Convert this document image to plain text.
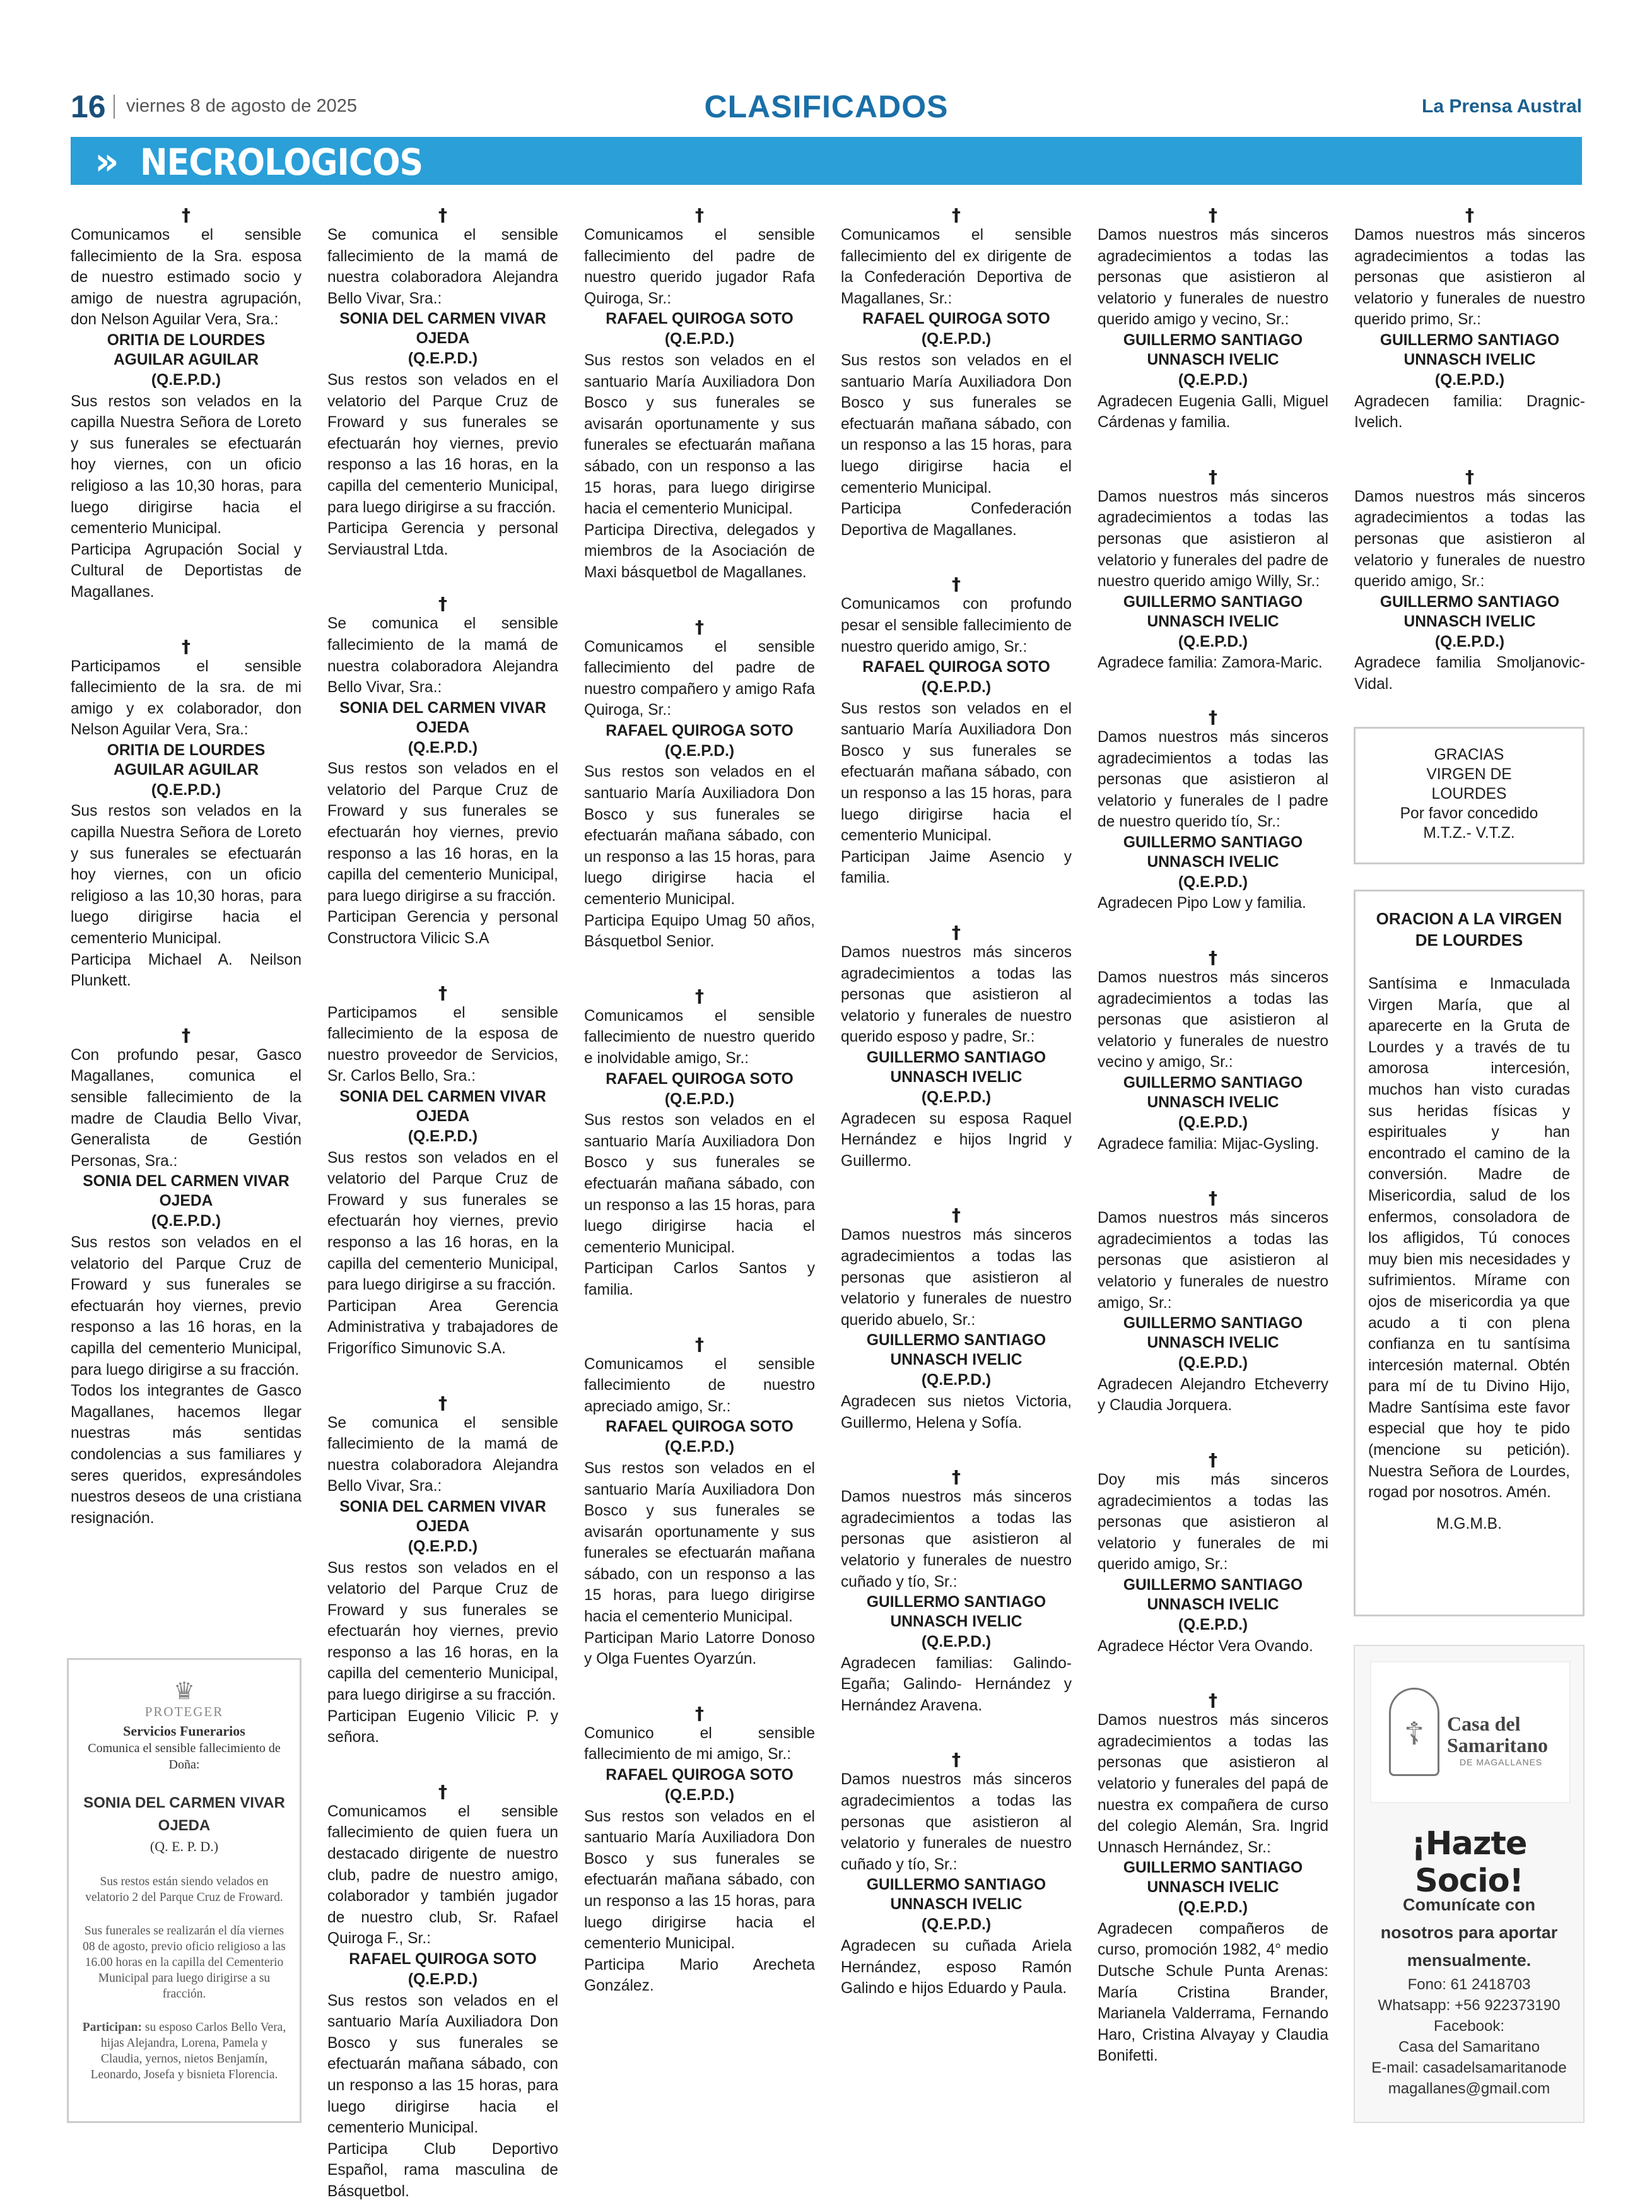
16 viernes 8 de agosto de 2025	CLASIFICADOS	La Prensa Austral
» NECROLOGICOS
†
Comunicamos el sensible fallecimiento de la Sra. esposa de nuestro estimado socio y amigo de nuestra agrupación, don Nelson Aguilar Vera, Sra.:
ORITIA DE LOURDES AGUILAR AGUILAR
(Q.E.P.D.)
Sus restos son velados en la capilla Nuestra Señora de Loreto y sus funerales se efectuarán hoy viernes, con un oficio religioso a las 10,30 horas, para luego dirigirse hacia el cementerio Municipal.
Participa Agrupación Social y Cultural de Deportistas de Magallanes.
†
Participamos el sensible fallecimiento de la sra. de mi amigo y ex colaborador, don Nelson Aguilar Vera, Sra.:
ORITIA DE LOURDES AGUILAR AGUILAR
(Q.E.P.D.)
Sus restos son velados en la capilla Nuestra Señora de Loreto y sus funerales se efectuarán hoy viernes, con un oficio religioso a las 10,30 horas, para luego dirigirse hacia el cementerio Municipal.
Participa Michael A. Neilson Plunkett.
†
Con profundo pesar, Gasco Magallanes, comunica el sensible fallecimiento de la madre de Claudia Bello Vivar, Generalista de Gestión Personas, Sra.:
SONIA DEL CARMEN VIVAR OJEDA
(Q.E.P.D.)
Sus restos son velados en el velatorio del Parque Cruz de Froward y sus funerales se efectuarán hoy viernes, previo responso a las 16 horas, en la capilla del cementerio Municipal, para luego dirigirse a su fracción.
Todos los integrantes de Gasco Magallanes, hacemos llegar nuestras más sentidas condolencias a sus familiares y seres queridos, expresándoles nuestros deseos de una cristiana resignación.
†
Se comunica el sensible fallecimiento de la mamá de nuestra colaboradora Alejandra Bello Vivar, Sra.:
SONIA DEL CARMEN VIVAR OJEDA
(Q.E.P.D.)
Sus restos son velados en el velatorio del Parque Cruz de Froward y sus funerales se efectuarán hoy viernes, previo responso a las 16 horas, en la capilla del cementerio Municipal, para luego dirigirse a su fracción.
Participa Gerencia y personal Serviaustral Ltda.
†
Se comunica el sensible fallecimiento de la mamá de nuestra colaboradora Alejandra Bello Vivar, Sra.:
SONIA DEL CARMEN VIVAR OJEDA
(Q.E.P.D.)
Sus restos son velados en el velatorio del Parque Cruz de Froward y sus funerales se efectuarán hoy viernes, previo responso a las 16 horas, en la capilla del cementerio Municipal, para luego dirigirse a su fracción.
Participan Gerencia y personal Constructora Vilicic S.A
†
Participamos el sensible fallecimiento de la esposa de nuestro proveedor de Servicios, Sr. Carlos Bello, Sra.:
SONIA DEL CARMEN VIVAR OJEDA
(Q.E.P.D.)
Sus restos son velados en el velatorio del Parque Cruz de Froward y sus funerales se efectuarán hoy viernes, previo responso a las 16 horas, en la capilla del cementerio Municipal, para luego dirigirse a su fracción.
Participan Area Gerencia Administrativa y trabajadores de Frigorífico Simunovic S.A.
†
Se comunica el sensible fallecimiento de la mamá de nuestra colaboradora Alejandra Bello Vivar, Sra.:
SONIA DEL CARMEN VIVAR OJEDA
(Q.E.P.D.)
Sus restos son velados en el velatorio del Parque Cruz de Froward y sus funerales se efectuarán hoy viernes, previo responso a las 16 horas, en la capilla del cementerio Municipal, para luego dirigirse a su fracción.
Participan Eugenio Vilicic P. y señora.
†
Comunicamos el sensible fallecimiento de quien fuera un destacado dirigente de nuestro club, padre de nuestro amigo, colaborador y también jugador de nuestro club, Sr. Rafael Quiroga F., Sr.:
RAFAEL QUIROGA SOTO
(Q.E.P.D.)
Sus restos son velados en el santuario María Auxiliadora Don Bosco y sus funerales se efectuarán mañana sábado, con un responso a las 15 horas, para luego dirigirse hacia el cementerio Municipal.
Participa Club Deportivo Español, rama masculina de Básquetbol.
†
Comunicamos el sensible fallecimiento del padre de nuestro querido jugador Rafa Quiroga, Sr.:
RAFAEL QUIROGA SOTO
(Q.E.P.D.)
Sus restos son velados en el santuario María Auxiliadora Don Bosco y sus funerales se avisarán oportunamente y sus funerales se efectuarán mañana sábado, con un responso a las 15 horas, para luego dirigirse hacia el cementerio Municipal.
Participa Directiva, delegados y miembros de la Asociación de Maxi básquetbol de Magallanes.
†
Comunicamos el sensible fallecimiento del padre de nuestro compañero y amigo Rafa Quiroga, Sr.:
RAFAEL QUIROGA SOTO
(Q.E.P.D.)
Sus restos son velados en el santuario María Auxiliadora Don Bosco y sus funerales se efectuarán mañana sábado, con un responso a las 15 horas, para luego dirigirse hacia el cementerio Municipal.
Participa Equipo Umag 50 años, Básquetbol Senior.
†
Comunicamos el sensible fallecimiento de nuestro querido e inolvidable amigo, Sr.:
RAFAEL QUIROGA SOTO
(Q.E.P.D.)
Sus restos son velados en el santuario María Auxiliadora Don Bosco y sus funerales se efectuarán mañana sábado, con un responso a las 15 horas, para luego dirigirse hacia el cementerio Municipal.
Participan Carlos Santos y familia.
†
Comunicamos el sensible fallecimiento de nuestro apreciado amigo, Sr.:
RAFAEL QUIROGA SOTO
(Q.E.P.D.)
Sus restos son velados en el santuario María Auxiliadora Don Bosco y sus funerales se avisarán oportunamente y sus funerales se efectuarán mañana sábado, con un responso a las 15 horas, para luego dirigirse hacia el cementerio Municipal.
Participan Mario Latorre Donoso y Olga Fuentes Oyarzún.
†
Comunico el sensible fallecimiento de mi amigo, Sr.:
RAFAEL QUIROGA SOTO
(Q.E.P.D.)
Sus restos son velados en el santuario María Auxiliadora Don Bosco y sus funerales se efectuarán mañana sábado, con un responso a las 15 horas, para luego dirigirse hacia el cementerio Municipal.
Participa Mario Arecheta González.
†
Comunicamos el sensible fallecimiento del ex dirigente de la Confederación Deportiva de Magallanes, Sr.:
RAFAEL QUIROGA SOTO
(Q.E.P.D.)
Sus restos son velados en el santuario María Auxiliadora Don Bosco y sus funerales se efectuarán mañana sábado, con un responso a las 15 horas, para luego dirigirse hacia el cementerio Municipal.
Participa Confederación Deportiva de Magallanes.
†
Comunicamos con profundo pesar el sensible fallecimiento de nuestro querido amigo, Sr.:
RAFAEL QUIROGA SOTO
(Q.E.P.D.)
Sus restos son velados en el santuario María Auxiliadora Don Bosco y sus funerales se efectuarán mañana sábado, con un responso a las 15 horas, para luego dirigirse hacia el cementerio Municipal.
Participan Jaime Asencio y familia.
†
Damos nuestros más sinceros agradecimientos a todas las personas que asistieron al velatorio y funerales de nuestro querido esposo y padre, Sr.:
GUILLERMO SANTIAGO UNNASCH IVELIC
(Q.E.P.D.)
Agradecen su esposa Raquel Hernández e hijos Ingrid y Guillermo.
†
Damos nuestros más sinceros agradecimientos a todas las personas que asistieron al velatorio y funerales de nuestro querido abuelo, Sr.:
GUILLERMO SANTIAGO UNNASCH IVELIC
(Q.E.P.D.)
Agradecen sus nietos Victoria, Guillermo, Helena y Sofía.
†
Damos nuestros más sinceros agradecimientos a todas las personas que asistieron al velatorio y funerales de nuestro cuñado y tío, Sr.:
GUILLERMO SANTIAGO UNNASCH IVELIC
(Q.E.P.D.)
Agradecen familias: Galindo-Egaña; Galindo- Hernández y Hernández Aravena.
†
Damos nuestros más sinceros agradecimientos a todas las personas que asistieron al velatorio y funerales de nuestro cuñado y tío, Sr.:
GUILLERMO SANTIAGO UNNASCH IVELIC
(Q.E.P.D.)
Agradecen su cuñada Ariela Hernández, esposo Ramón Galindo e hijos Eduardo y Paula.
†
Damos nuestros más sinceros agradecimientos a todas las personas que asistieron al velatorio y funerales de nuestro querido amigo y vecino, Sr.:
GUILLERMO SANTIAGO UNNASCH IVELIC
(Q.E.P.D.)
Agradecen Eugenia Galli, Miguel Cárdenas y familia.
†
Damos nuestros más sinceros agradecimientos a todas las personas que asistieron al velatorio y funerales del padre de nuestro querido amigo Willy, Sr.:
GUILLERMO SANTIAGO UNNASCH IVELIC
(Q.E.P.D.)
Agradece familia: Zamora-Maric.
†
Damos nuestros más sinceros agradecimientos a todas las personas que asistieron al velatorio y funerales de l padre de nuestro querido tío, Sr.:
GUILLERMO SANTIAGO UNNASCH IVELIC
(Q.E.P.D.)
Agradecen Pipo Low y familia.
†
Damos nuestros más sinceros agradecimientos a todas las personas que asistieron al velatorio y funerales de nuestro vecino y amigo, Sr.:
GUILLERMO SANTIAGO UNNASCH IVELIC
(Q.E.P.D.)
Agradece familia: Mijac-Gysling.
†
Damos nuestros más sinceros agradecimientos a todas las personas que asistieron al velatorio y funerales de nuestro amigo, Sr.:
GUILLERMO SANTIAGO UNNASCH IVELIC
(Q.E.P.D.)
Agradecen Alejandro Etcheverry y Claudia Jorquera.
†
Doy mis más sinceros agradecimientos a todas las personas que asistieron al velatorio y funerales de mi querido amigo, Sr.:
GUILLERMO SANTIAGO UNNASCH IVELIC
(Q.E.P.D.)
Agradece Héctor Vera Ovando.
†
Damos nuestros más sinceros agradecimientos a todas las personas que asistieron al velatorio y funerales del papá de nuestra ex compañera de curso del colegio Alemán, Sra. Ingrid Unnasch Hernández, Sr.:
GUILLERMO SANTIAGO UNNASCH IVELIC
(Q.E.P.D.)
Agradecen compañeros de curso, promoción 1982, 4° medio Dutsche Schule Punta Arenas: María Cristina Brander, Marianela Valderrama, Fernando Haro, Cristina Alvayay y Claudia Bonifetti.
†
Damos nuestros más sinceros agradecimientos a todas las personas que asistieron al velatorio y funerales de nuestro querido primo, Sr.:
GUILLERMO SANTIAGO UNNASCH IVELIC
(Q.E.P.D.)
Agradecen familia: Dragnic-Ivelich.
†
Damos nuestros más sinceros agradecimientos a todas las personas que asistieron al velatorio y funerales de nuestro querido amigo, Sr.:
GUILLERMO SANTIAGO UNNASCH IVELIC
(Q.E.P.D.)
Agradece familia Smoljanovic- Vidal.
♛
PROTEGER
Servicios Funerarios
Comunica el sensible fallecimiento de Doña:
SONIA DEL CARMEN VIVAR OJEDA
(Q. E. P. D.)
Sus restos están siendo velados en velatorio 2 del Parque Cruz de Froward.
Sus funerales se realizarán el día viernes 08 de agosto, previo oficio religioso a las 16.00 horas en la capilla del Cementerio Municipal para luego dirigirse a su fracción.
Participan: su esposo Carlos Bello Vera, hijas Alejandra, Lorena, Pamela y Claudia, yernos, nietos Benjamín, Leonardo, Josefa y bisnieta Florencia.
GRACIAS
VIRGEN DE
LOURDES
Por favor concedido
M.T.Z.- V.T.Z.
ORACION A LA VIRGEN DE LOURDES
Santísima e Inmaculada Virgen María, que al aparecerte en la Gruta de Lourdes y a través de tu amorosa intercesión, muchos han visto curadas sus heridas físicas y espirituales y han encontrado el camino de la conversión. Madre de Misericordia, salud de los enfermos, consoladora de los afligidos, Tú conoces muy bien mis necesidades y sufrimientos. Mírame con ojos de misericordia ya que acudo a ti con plena confianza en tu santísima intercesión maternal. Obtén para mí de tu Divino Hijo, Madre Santísima este favor especial que hoy te pido (mencione su petición). Nuestra Señora de Lourdes, rogad por nosotros. Amén.
M.G.M.B.
☦	Casa del
Samaritano
DE MAGALLANES
¡Hazte Socio!
Comunícate con nosotros para aportar mensualmente.
Fono: 61 2418703
Whatsapp: +56 922373190
Facebook:
Casa del Samaritano
E-mail: casadelsamaritanode magallanes@gmail.com
